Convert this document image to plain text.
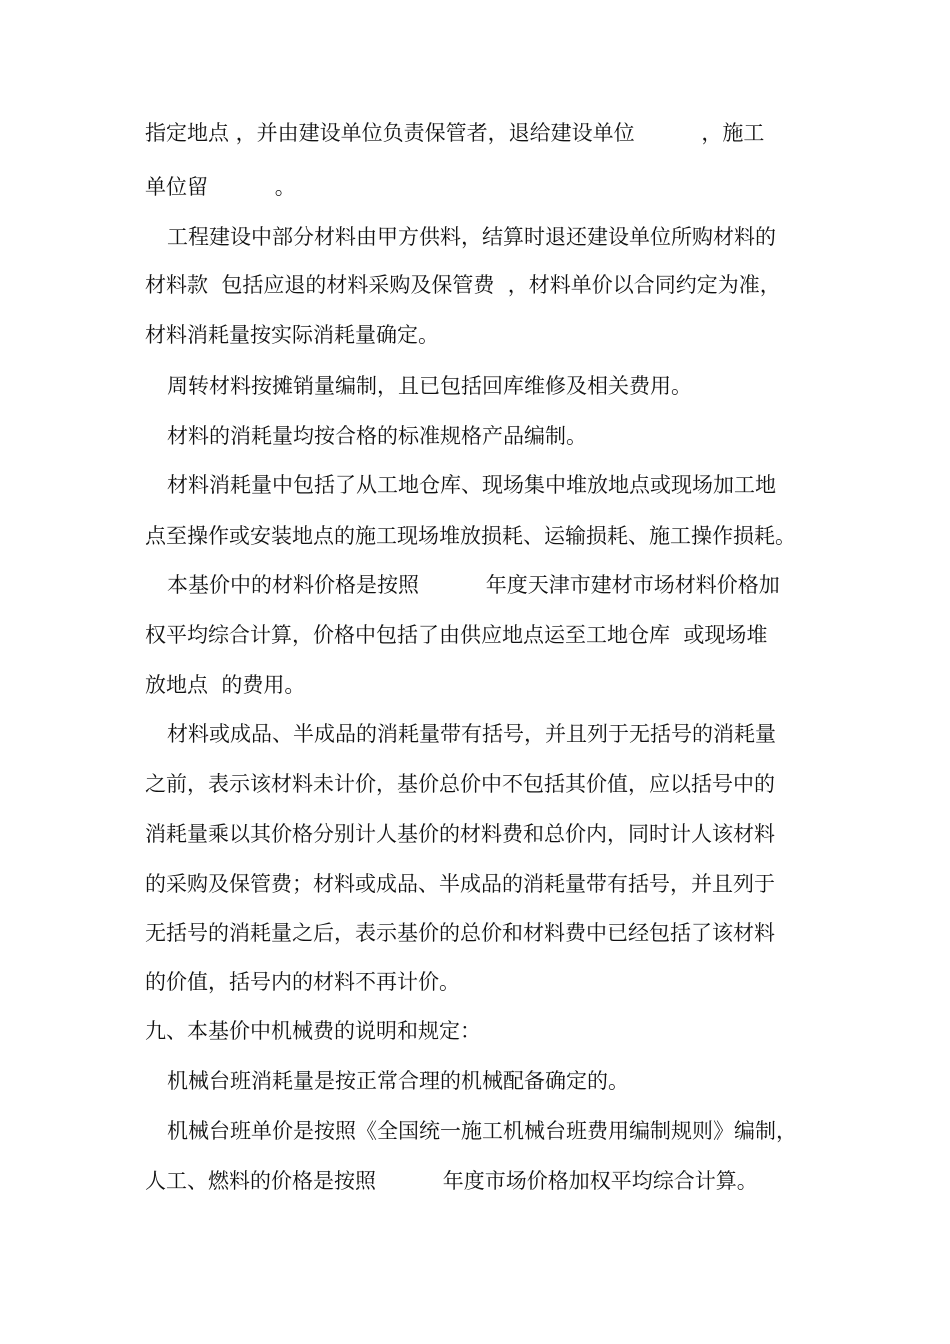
指定地点 ，并由建设单位负责保管者，退给建设单位          ，施工
单位留          。
工程建设中部分材料由甲方供料，结算时退还建设单位所购材料的
材料款  包括应退的材料采购及保管费  ，材料单价以合同约定为准，
材料消耗量按实际消耗量确定。
周转材料按摊销量编制，且已包括回库维修及相关费用。
材料的消耗量均按合格的标准规格产品编制。
材料消耗量中包括了从工地仓库、现场集中堆放地点或现场加工地
点至操作或安装地点的施工现场堆放损耗、运输损耗、施工操作损耗。
本基价中的材料价格是按照          年度天津市建材市场材料价格加
权平均综合计算，价格中包括了由供应地点运至工地仓库  或现场堆
放地点  的费用。
材料或成品、半成品的消耗量带有括号，并且列于无括号的消耗量
之前，表示该材料未计价，基价总价中不包括其价值，应以括号中的
消耗量乘以其价格分别计人基价的材料费和总价内，同时计人该材料
的采购及保管费；材料或成品、半成品的消耗量带有括号，并且列于
无括号的消耗量之后，表示基价的总价和材料费中已经包括了该材料
的价值，括号内的材料不再计价。
九、本基价中机械费的说明和规定：
机械台班消耗量是按正常合理的机械配备确定的。
机械台班单价是按照《全国统一施工机械台班费用编制规则》编制，
人工、燃料的价格是按照          年度市场价格加权平均综合计算。
